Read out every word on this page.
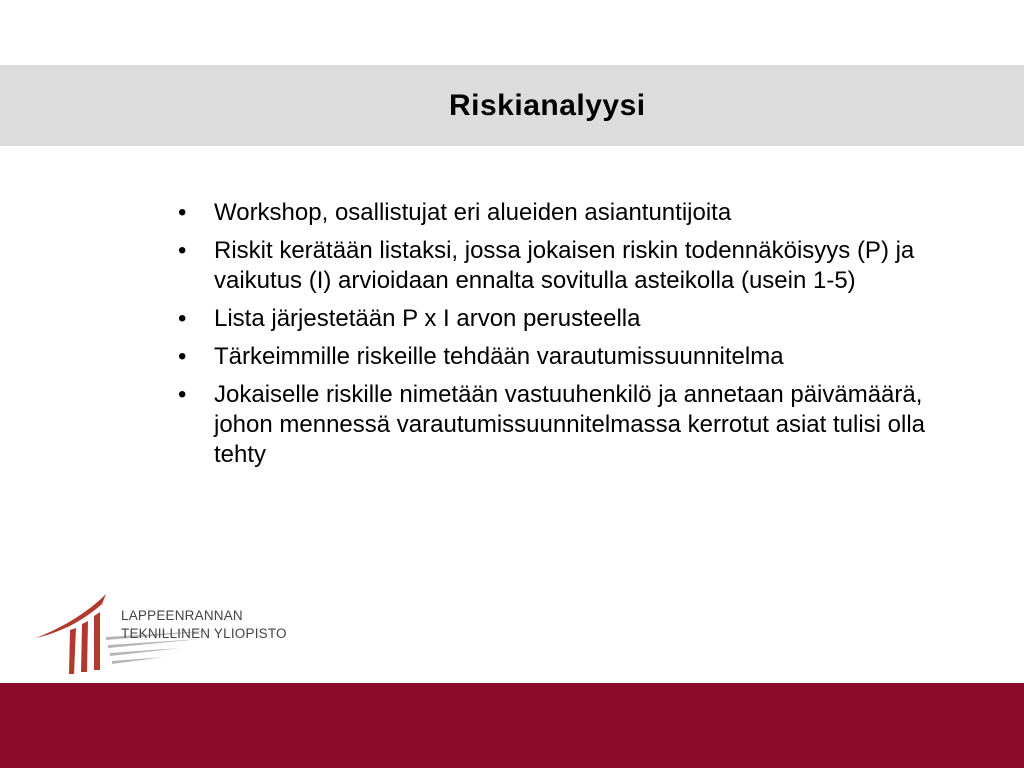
Riskianalyysi
• Workshop, osallistujat eri alueiden asiantuntijoita
• Riskit kerätään listaksi, jossa jokaisen riskin todennäköisyys (P) ja vaikutus (I) arvioidaan ennalta sovitulla asteikolla (usein 1-5)
• Lista järjestetään P x I arvon perusteella
• Tärkeimmille riskeille tehdään varautumissuunnitelma
• Jokaiselle riskille nimetään vastuuhenkilö ja annetaan päivämäärä, johon mennessä varautumissuunnitelmassa kerrotut asiat tulisi olla tehty
LAPPEENRANNAN
TEKNILLINEN YLIOPISTO
